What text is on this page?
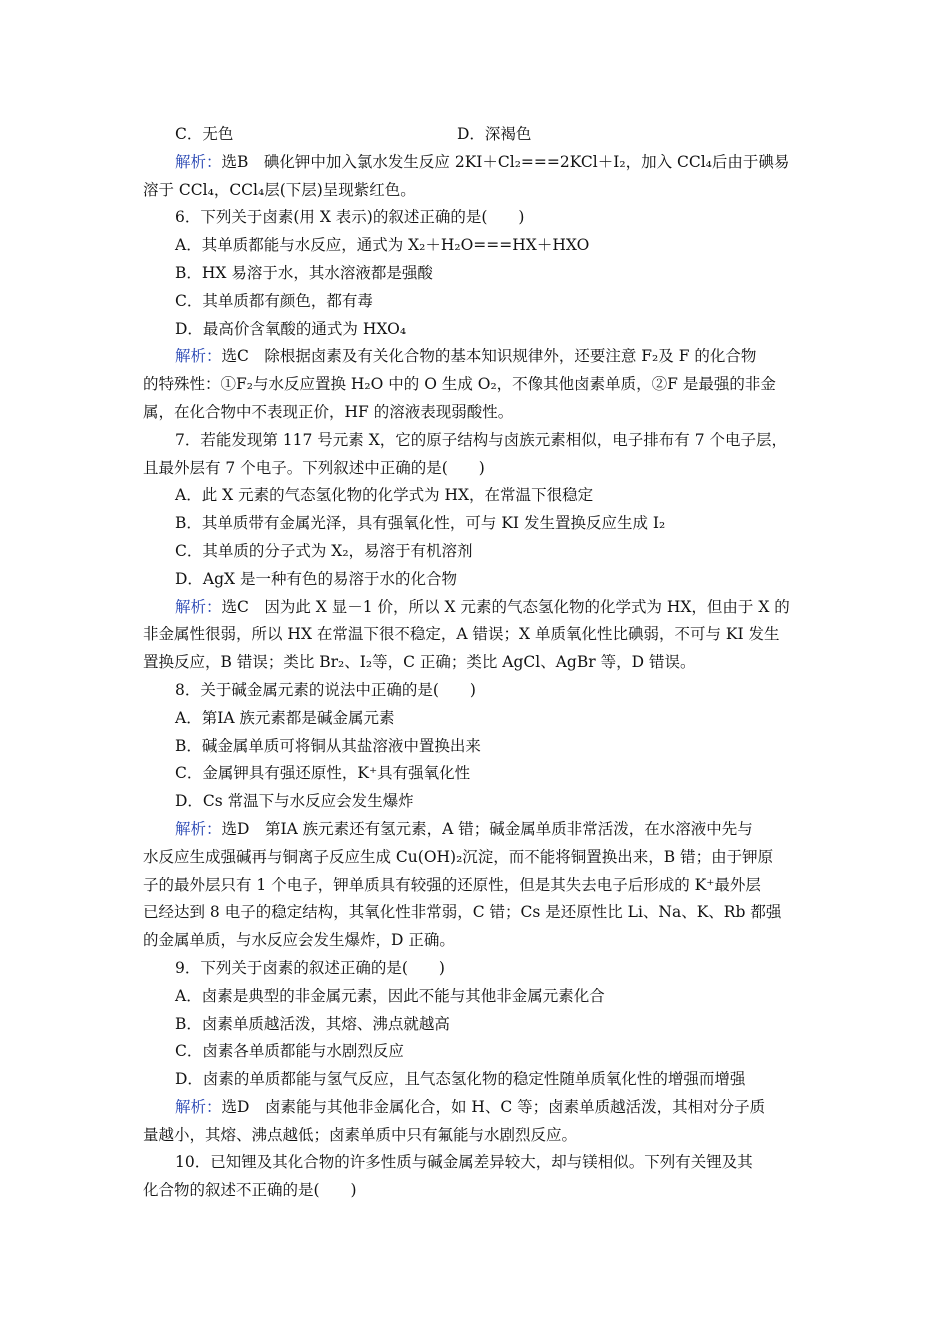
C．无色	D．深褐色
解析：选B　碘化钾中加入氯水发生反应 2KI＋Cl₂===2KCl＋I₂，加入 CCl₄后由于碘易
溶于 CCl₄，CCl₄层(下层)呈现紫红色。
6．下列关于卤素(用 X 表示)的叙述正确的是(　　)
A．其单质都能与水反应，通式为 X₂＋H₂O===HX＋HXO
B．HX 易溶于水，其水溶液都是强酸
C．其单质都有颜色，都有毒
D．最高价含氧酸的通式为 HXO₄
解析：选C　除根据卤素及有关化合物的基本知识规律外，还要注意 F₂及 F 的化合物
的特殊性：①F₂与水反应置换 H₂O 中的 O 生成 O₂，不像其他卤素单质，②F 是最强的非金
属，在化合物中不表现正价，HF 的溶液表现弱酸性。
7．若能发现第 117 号元素 X，它的原子结构与卤族元素相似，电子排布有 7 个电子层，
且最外层有 7 个电子。下列叙述中正确的是(　　)
A．此 X 元素的气态氢化物的化学式为 HX，在常温下很稳定
B．其单质带有金属光泽，具有强氧化性，可与 KI 发生置换反应生成 I₂
C．其单质的分子式为 X₂，易溶于有机溶剂
D．AgX 是一种有色的易溶于水的化合物
解析：选C　因为此 X 显－1 价，所以 X 元素的气态氢化物的化学式为 HX，但由于 X 的
非金属性很弱，所以 HX 在常温下很不稳定，A 错误；X 单质氧化性比碘弱，不可与 KI 发生
置换反应，B 错误；类比 Br₂、I₂等，C 正确；类比 AgCl、AgBr 等，D 错误。
8．关于碱金属元素的说法中正确的是(　　)
A．第ⅠA 族元素都是碱金属元素
B．碱金属单质可将铜从其盐溶液中置换出来
C．金属钾具有强还原性，K⁺具有强氧化性
D．Cs 常温下与水反应会发生爆炸
解析：选D　第ⅠA 族元素还有氢元素，A 错；碱金属单质非常活泼，在水溶液中先与
水反应生成强碱再与铜离子反应生成 Cu(OH)₂沉淀，而不能将铜置换出来，B 错；由于钾原
子的最外层只有 1 个电子，钾单质具有较强的还原性，但是其失去电子后形成的 K⁺最外层
已经达到 8 电子的稳定结构，其氧化性非常弱，C 错；Cs 是还原性比 Li、Na、K、Rb 都强
的金属单质，与水反应会发生爆炸，D 正确。
9．下列关于卤素的叙述正确的是(　　)
A．卤素是典型的非金属元素，因此不能与其他非金属元素化合
B．卤素单质越活泼，其熔、沸点就越高
C．卤素各单质都能与水剧烈反应
D．卤素的单质都能与氢气反应，且气态氢化物的稳定性随单质氧化性的增强而增强
解析：选D　卤素能与其他非金属化合，如 H、C 等；卤素单质越活泼，其相对分子质
量越小，其熔、沸点越低；卤素单质中只有氟能与水剧烈反应。
10．已知锂及其化合物的许多性质与碱金属差异较大，却与镁相似。下列有关锂及其
化合物的叙述不正确的是(　　)
